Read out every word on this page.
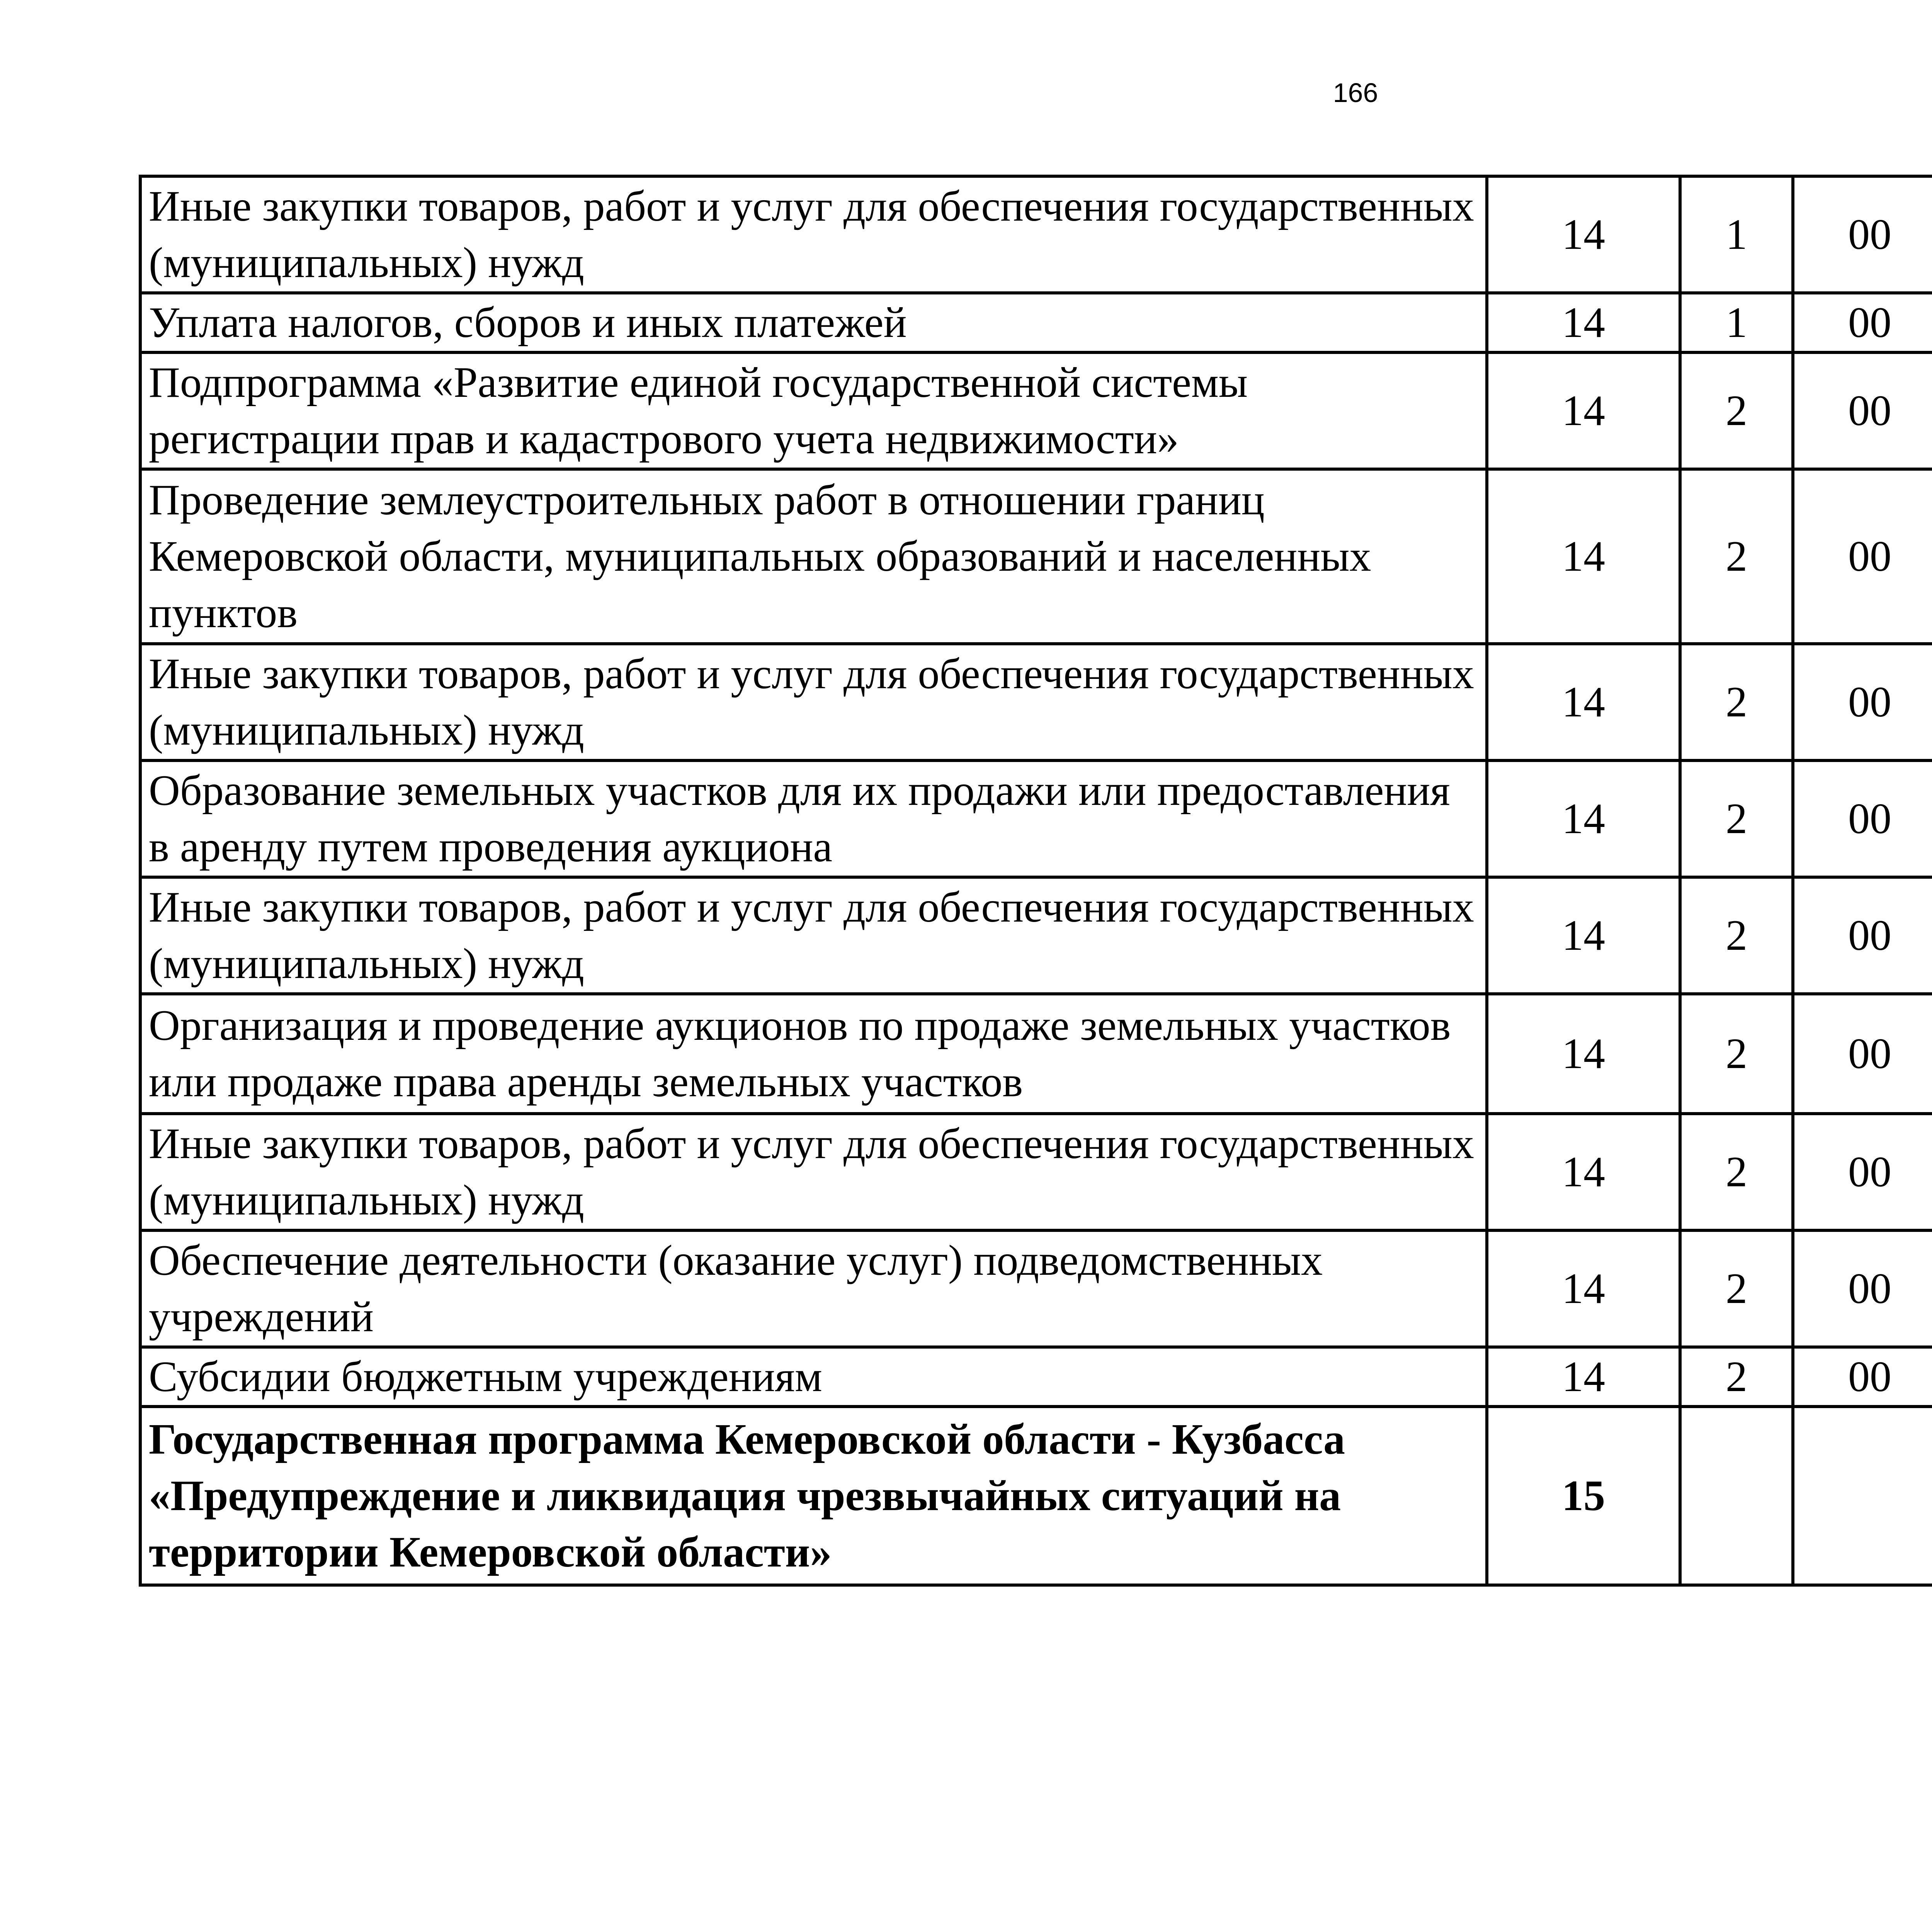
166
Иные закупки товаров, работ и услуг для обеспечения государственных (муниципальных) нужд	14	1	00			
Уплата налогов, сборов и иных платежей	14	1	00			
Подпрограмма «Развитие единой государственной системы регистрации прав и кадастрового учета недвижимости»	14	2	00			
Проведение землеустроительных работ в отношении границ Кемеровской области, муниципальных образований и населенных пунктов	14	2	00			
Иные закупки товаров, работ и услуг для обеспечения государственных (муниципальных) нужд	14	2	00			
Образование земельных участков для их продажи или предоставления в аренду путем проведения аукциона	14	2	00			
Иные закупки товаров, работ и услуг для обеспечения государственных (муниципальных) нужд	14	2	00			
Организация и проведение аукционов по продаже земельных участков или продаже права аренды земельных участков	14	2	00			
Иные закупки товаров, работ и услуг для обеспечения государственных (муниципальных) нужд	14	2	00			
Обеспечение деятельности (оказание услуг) подведомственных учреждений	14	2	00			
Субсидии бюджетным учреждениям	14	2	00			
Государственная программа Кемеровской области - Кузбасса «Предупреждение и ликвидация чрезвычайных ситуаций на территории Кемеровской области»	15					
